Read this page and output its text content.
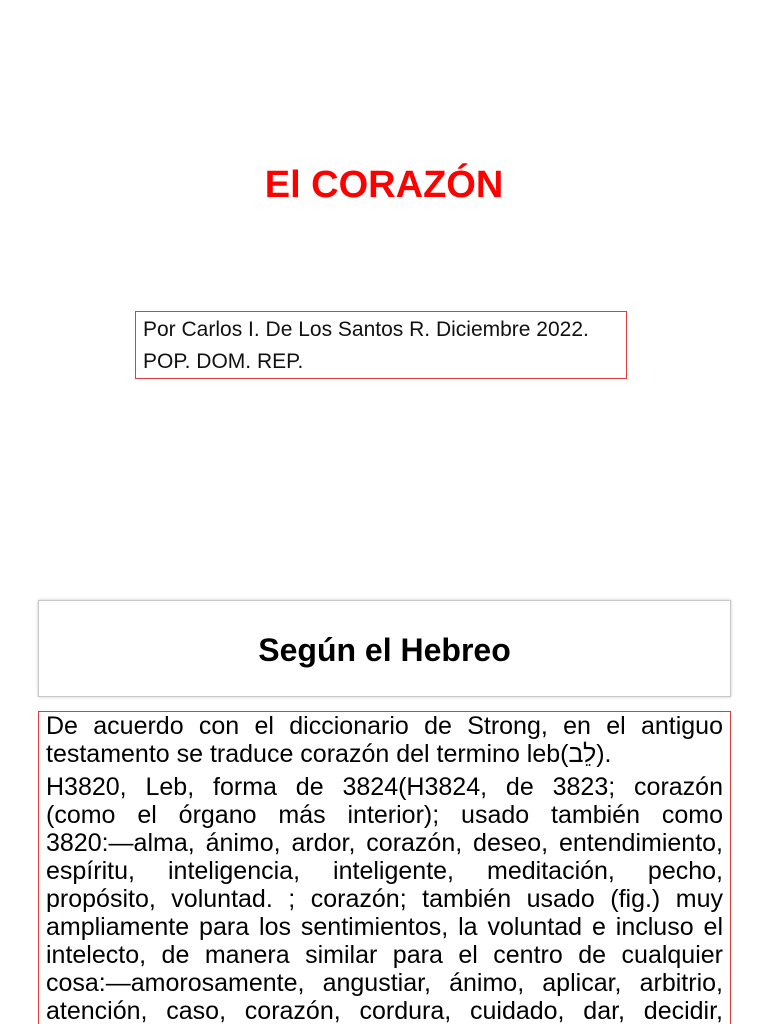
El CORAZÓN
Por Carlos I. De Los Santos R. Diciembre 2022.
POP. DOM. REP.
Según el Hebreo

De acuerdo con el diccionario de Strong, en el antiguo
testamento se traduce corazón del termino leb(לֵב).

H3820, Leb, forma de 3824(H3824, de 3823; corazón
(como el órgano más interior); usado también como
3820:—alma, ánimo, ardor, corazón, deseo, entendimiento,
espíritu, inteligencia, inteligente, meditación, pecho,
propósito, voluntad. ; corazón; también usado (fig.) muy
ampliamente para los sentimientos, la voluntad e incluso el
intelecto, de manera similar para el centro de cualquier
cosa:—amorosamente, angustiar, ánimo, aplicar, arbitrio,
atención, caso, corazón, cordura, cuidado, dar, decidir,
